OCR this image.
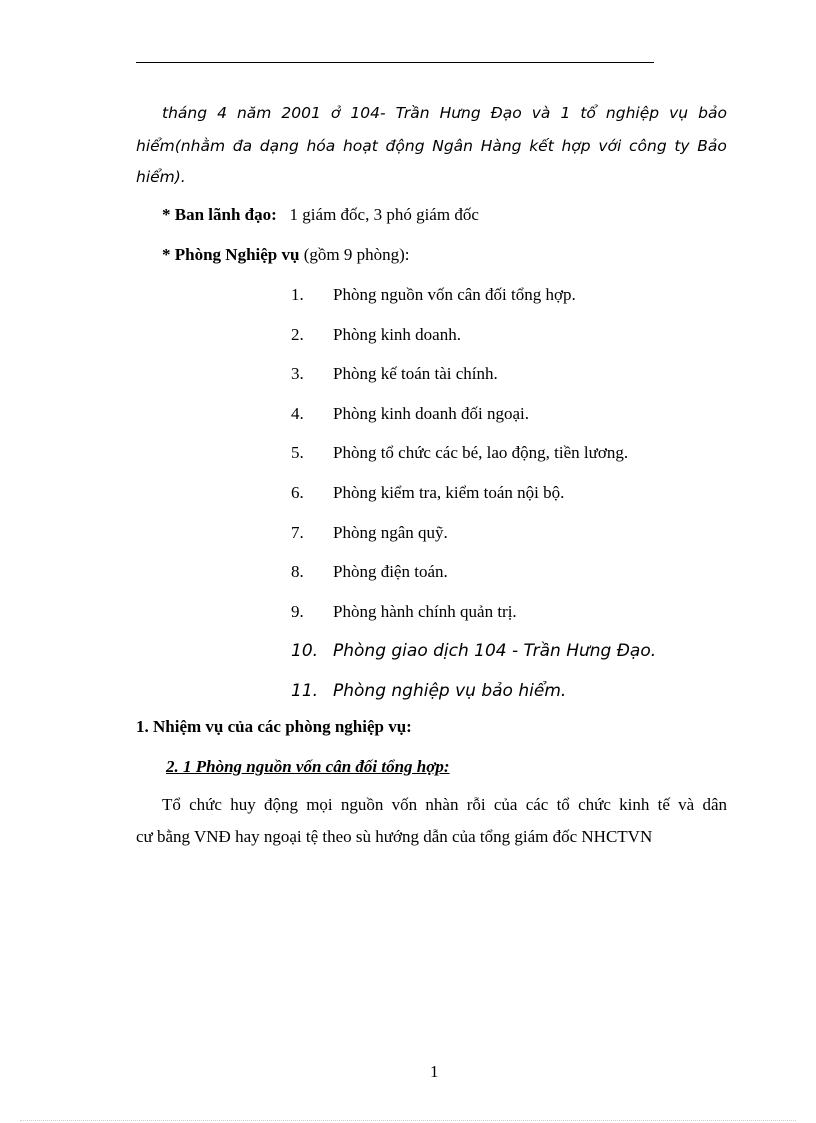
tháng 4 năm 2001 ở 104- Trần Hưng Đạo và 1 tổ nghiệp vụ bảo
hiểm(nhằm đa dạng hóa hoạt động Ngân Hàng kết hợp với công ty Bảo
hiểm).
* Ban lãnh đạo: 1 giám đốc, 3 phó giám đốc
* Phòng Nghiệp vụ (gồm 9 phòng):
1. Phòng nguồn vốn cân đối tổng hợp.
2. Phòng kinh doanh.
3. Phòng kế toán tài chính.
4. Phòng kinh doanh đối ngoại.
5. Phòng tổ chức các bé, lao động, tiền lương.
6. Phòng kiểm tra, kiểm toán nội bộ.
7. Phòng ngân quỹ.
8. Phòng điện toán.
9. Phòng hành chính quản trị.
10. Phòng giao dịch 104 - Trần Hưng Đạo.
11. Phòng nghiệp vụ bảo hiểm.
1. Nhiệm vụ của các phòng nghiệp vụ:
2. 1 Phòng nguồn vốn cân đối tổng hợp:
Tổ chức huy động mọi nguồn vốn nhàn rỗi của các tổ chức kinh tế và dân
cư bằng VNĐ hay ngoại tệ theo sù hướng dẫn của tổng giám đốc NHCTVN
1
